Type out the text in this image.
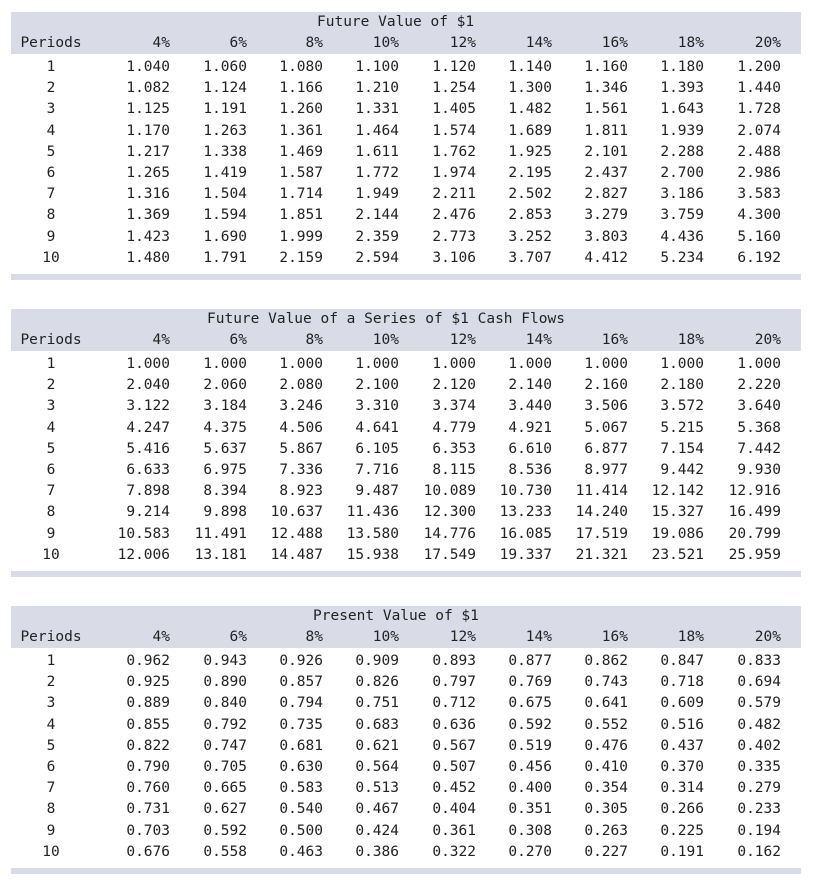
Future Value of $1
Periods	4%	6%	8%	10%	12%	14%	16%	18%	20%
1	1.040	1.060	1.080	1.100	1.120	1.140	1.160	1.180	1.200
2	1.082	1.124	1.166	1.210	1.254	1.300	1.346	1.393	1.440
3	1.125	1.191	1.260	1.331	1.405	1.482	1.561	1.643	1.728
4	1.170	1.263	1.361	1.464	1.574	1.689	1.811	1.939	2.074
5	1.217	1.338	1.469	1.611	1.762	1.925	2.101	2.288	2.488
6	1.265	1.419	1.587	1.772	1.974	2.195	2.437	2.700	2.986
7	1.316	1.504	1.714	1.949	2.211	2.502	2.827	3.186	3.583
8	1.369	1.594	1.851	2.144	2.476	2.853	3.279	3.759	4.300
9	1.423	1.690	1.999	2.359	2.773	3.252	3.803	4.436	5.160
10	1.480	1.791	2.159	2.594	3.106	3.707	4.412	5.234	6.192
Future Value of a Series of $1 Cash Flows
Periods	4%	6%	8%	10%	12%	14%	16%	18%	20%
1	1.000	1.000	1.000	1.000	1.000	1.000	1.000	1.000	1.000
2	2.040	2.060	2.080	2.100	2.120	2.140	2.160	2.180	2.220
3	3.122	3.184	3.246	3.310	3.374	3.440	3.506	3.572	3.640
4	4.247	4.375	4.506	4.641	4.779	4.921	5.067	5.215	5.368
5	5.416	5.637	5.867	6.105	6.353	6.610	6.877	7.154	7.442
6	6.633	6.975	7.336	7.716	8.115	8.536	8.977	9.442	9.930
7	7.898	8.394	8.923	9.487	10.089	10.730	11.414	12.142	12.916
8	9.214	9.898	10.637	11.436	12.300	13.233	14.240	15.327	16.499
9	10.583	11.491	12.488	13.580	14.776	16.085	17.519	19.086	20.799
10	12.006	13.181	14.487	15.938	17.549	19.337	21.321	23.521	25.959
Present Value of $1
Periods	4%	6%	8%	10%	12%	14%	16%	18%	20%
1	0.962	0.943	0.926	0.909	0.893	0.877	0.862	0.847	0.833
2	0.925	0.890	0.857	0.826	0.797	0.769	0.743	0.718	0.694
3	0.889	0.840	0.794	0.751	0.712	0.675	0.641	0.609	0.579
4	0.855	0.792	0.735	0.683	0.636	0.592	0.552	0.516	0.482
5	0.822	0.747	0.681	0.621	0.567	0.519	0.476	0.437	0.402
6	0.790	0.705	0.630	0.564	0.507	0.456	0.410	0.370	0.335
7	0.760	0.665	0.583	0.513	0.452	0.400	0.354	0.314	0.279
8	0.731	0.627	0.540	0.467	0.404	0.351	0.305	0.266	0.233
9	0.703	0.592	0.500	0.424	0.361	0.308	0.263	0.225	0.194
10	0.676	0.558	0.463	0.386	0.322	0.270	0.227	0.191	0.162
